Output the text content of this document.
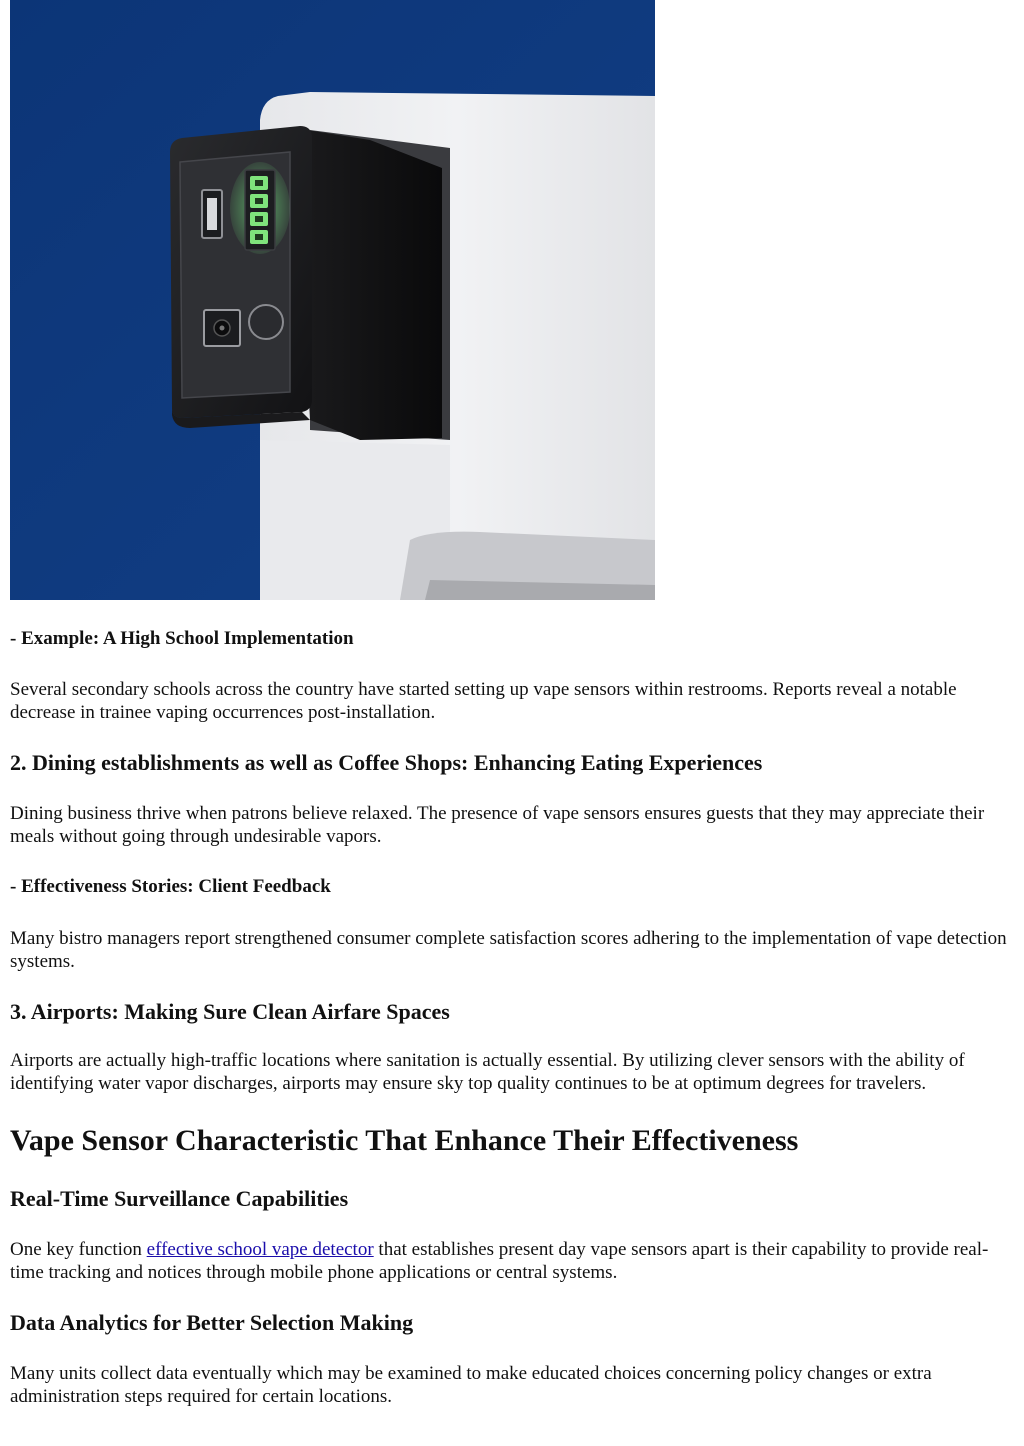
- Example: A High School Implementation

Several secondary schools across the country have started setting up vape sensors within restrooms. Reports reveal a notable decrease in trainee vaping occurrences post-installation.

2. Dining establishments as well as Coffee Shops: Enhancing Eating Experiences

Dining business thrive when patrons believe relaxed. The presence of vape sensors ensures guests that they may appreciate their meals without going through undesirable vapors.

- Effectiveness Stories: Client Feedback

Many bistro managers report strengthened consumer complete satisfaction scores adhering to the implementation of vape detection systems.

3. Airports: Making Sure Clean Airfare Spaces

Airports are actually high-traffic locations where sanitation is actually essential. By utilizing clever sensors with the ability of identifying water vapor discharges, airports may ensure sky top quality continues to be at optimum degrees for travelers.

Vape Sensor Characteristic That Enhance Their Effectiveness
Real-Time Surveillance Capabilities

One key function effective school vape detector that establishes present day vape sensors apart is their capability to provide real-time tracking and notices through mobile phone applications or central systems.

Data Analytics for Better Selection Making

Many units collect data eventually which may be examined to make educated choices concerning policy changes or extra administration steps required for certain locations.
